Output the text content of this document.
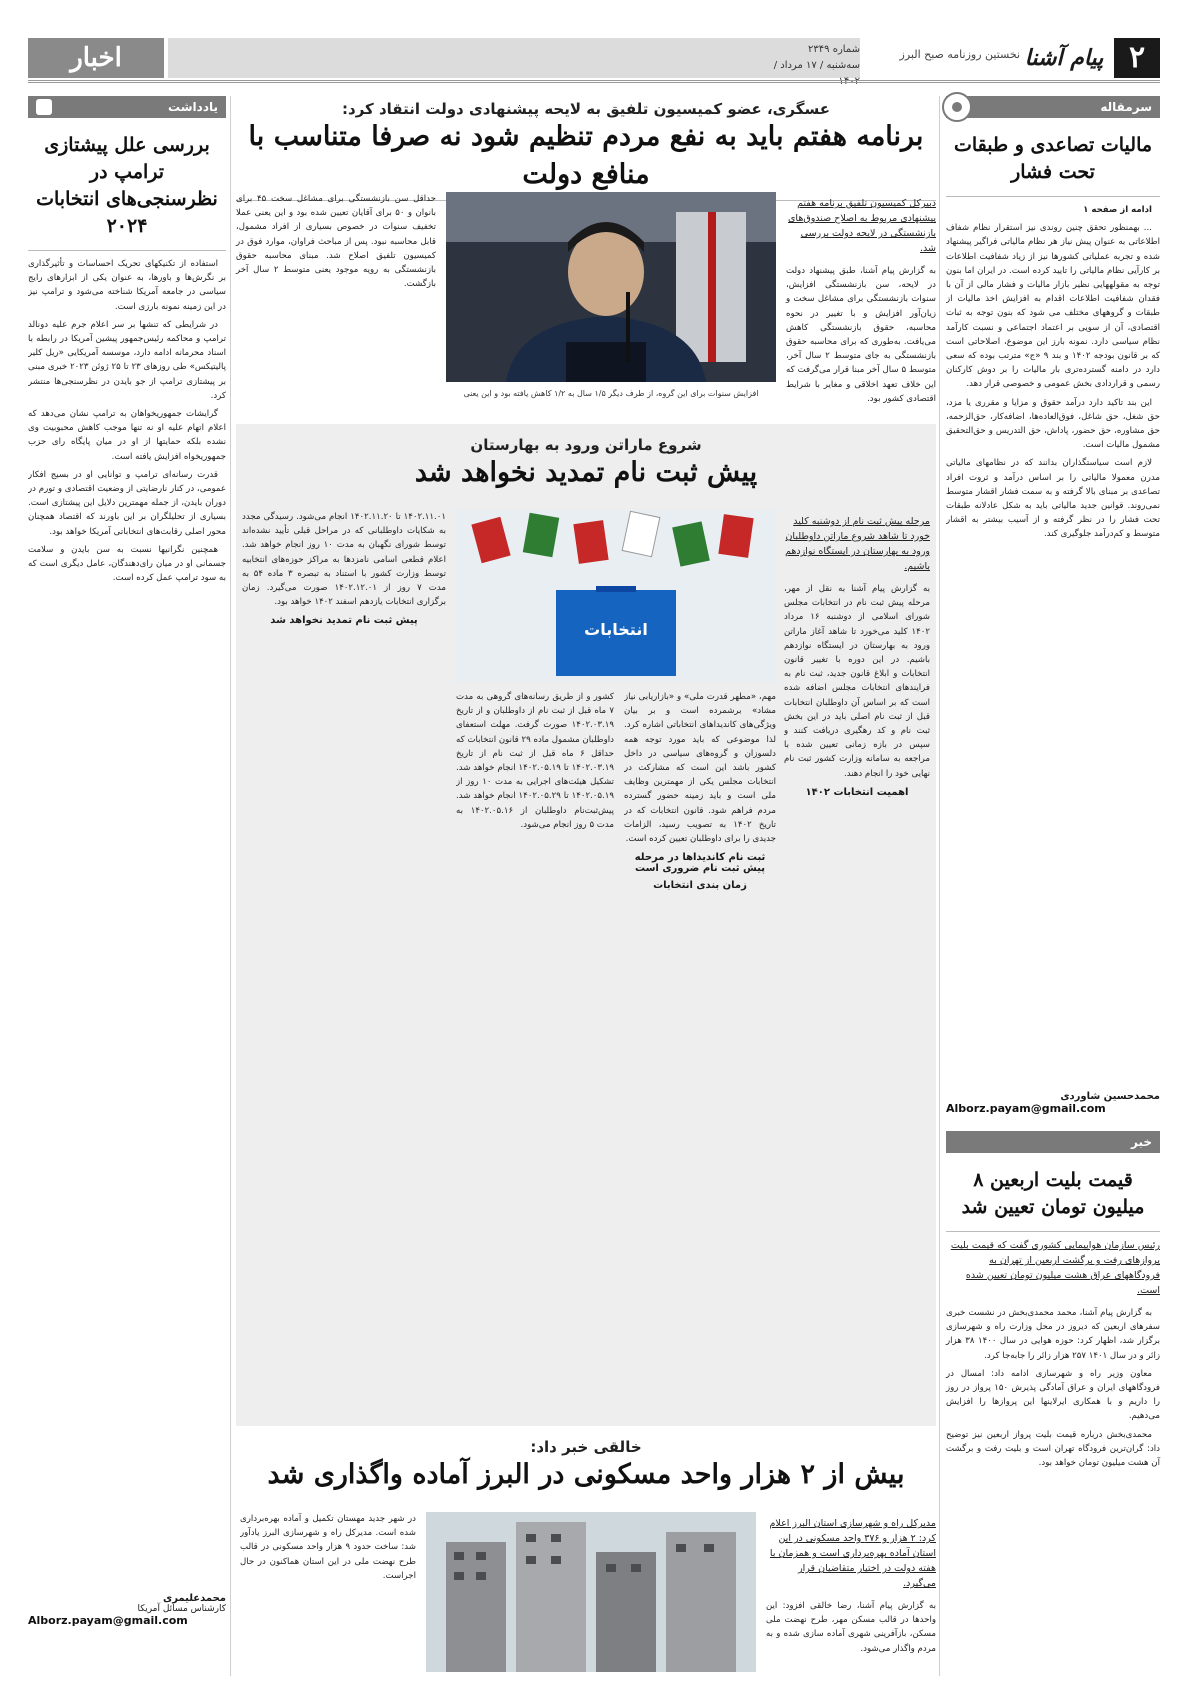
۲
پیام آشنا
نخستین روزنامه صبح البرز
شماره ۲۳۴۹
سه‌شنبه / ۱۷ مرداد / ۱۴۰۲
اخبار
سرمقاله
مالیات تصاعدی و طبقات تحت فشار

ادامه از صفحه ۱

... بهمنظور تحقق چنین روندی نیز استقرار نظام شفاف اطلاعاتی به عنوان پیش نیاز هر نظام مالیاتی فراگیر پیشنهاد شده و تجربه عملیاتی کشورها نیز از زیاد شفافیت اطلاعات بر کارآیی نظام مالیاتی را تایید کرده است. در ایران اما بنون توجه به مقولههایی نظیر بازار مالیات و فشار مالی از آن با فقدان شفافیت اطلاعات اقدام به افزایش اخذ مالیات از طبقات و گروههای مختلف می شود که بنون توجه به ثبات اقتصادی، آن از سویی بر اعتماد اجتماعی و نسبت کارآمد نظام سیاسی دارد. نمونه بارز این موضوع، اصلاحاتی است که بر قانون بودجه ۱۴۰۲ و بند ۹ «ج» مترتب بوده که سعی دارد در دامنه گسترده‌تری بار مالیات را بر دوش کارکنان رسمی و قراردادی بخش عمومی و خصوصی قرار دهد.

این بند تاکید دارد درآمد حقوق و مزایا و مقرری یا مزد، حق شغل، حق شاغل، فوق‌العاده‌ها، اضافه‌کار، حق‌الزحمه، حق مشاوره، حق حضور، پاداش، حق التدریس و حق‌التحقیق مشمول مالیات است.

لازم است سیاستگذاران بدانند که در نظامهای مالیاتی مدرن معمولا مالیاتی را بر اساس درآمد و ثروت افراد تصاعدی بر مبنای بالا گرفته و به سمت فشار اقشار متوسط نمی‌روند. قوانین جدید مالیاتی باید به شکل عادلانه طبقات تحت فشار را در نظر گرفته و از آسیب بیشتر به اقشار متوسط و کم‌درآمد جلوگیری کند.

محمدحسین شاوردی
Alborz.payam@gmail.com
خبر
قیمت بلیت اربعین ۸ میلیون تومان تعیین شد
رئیس سازمان هواپیمایی کشوری گفت که قیمت بلیت پروازهای رفت و برگشت اربعین از تهران به فرودگاههای عراق هشت میلیون تومان تعیین شده است.

به گزارش پیام آشنا، محمد محمدی‌بخش در نشست خبری سفرهای اربعین که دیروز در محل وزارت راه و شهرسازی برگزار شد، اظهار کرد: حوزه هوایی در سال ۱۴۰۰ ۳۸ هزار زائر و در سال ۱۴۰۱ ۲۵۷ هزار زائر را جابه‌جا کرد.

معاون وزیر راه و شهرسازی ادامه داد: امسال در فرودگاههای ایران و عراق آمادگی پذیرش ۱۵۰ پرواز در روز را داریم و با همکاری ایرلاینها این پروازها را افزایش می‌دهیم.

محمدی‌بخش درباره قیمت بلیت پرواز اربعین نیز توضیح داد: گران‌ترین فرودگاه تهران است و بلیت رفت و برگشت آن هشت میلیون تومان خواهد بود.

یادداشت
بررسی علل پیشتازی ترامپ در نظرسنجی‌های انتخابات ۲۰۲۴

استفاده از تکنیکهای تحریک احساسات و تأثیرگذاری بر نگرش‌ها و باورها، به‌ عنوان یکی از ابزارهای رایج سیاسی در جامعه آمریکا شناخته می‌شود و ترامپ نیز در این زمینه نمونه بارزی است.

در شرایطی که تنشها بر سر اعلام جرم علیه دونالد ترامپ و محاکمه رئیس‌جمهور پیشین آمریکا در رابطه با اسناد محرمانه ادامه دارد، موسسه آمریکایی «ریل کلیر پالیتیکس» طی روزهای ۲۳ تا ۲۵ ژوئن ۲۰۲۳ خبری مبنی بر پیشتازی ترامپ از جو بایدن در نظرسنجی‌ها منتشر کرد.

گرایشات جمهوریخواهان به ترامپ نشان می‌دهد که اعلام اتهام علیه او نه تنها موجب کاهش محبوبیت وی نشده بلکه حمایتها از او در میان پایگاه رای حزب جمهوریخواه افزایش یافته است.

قدرت رسانه‌ای ترامپ و توانایی او در بسیج افکار عمومی، در کنار نارضایتی از وضعیت اقتصادی و تورم در دوران بایدن، از جمله مهمترین دلایل این پیشتازی است. بسیاری از تحلیلگران بر این باورند که اقتصاد همچنان محور اصلی رقابت‌های انتخاباتی آمریکا خواهد بود.

همچنین نگرانیها نسبت به سن بایدن و سلامت جسمانی او در میان رای‌دهندگان، عامل دیگری است که به سود ترامپ عمل کرده است.

محمدعلیمری
کارشناس مسائل آمریکا
Alborz.payam@gmail.com
عسگری، عضو کمیسیون تلفیق به لایحه پیشنهادی دولت انتقاد کرد:
برنامه هفتم باید به نفع مردم تنظیم شود نه صرفا متناسب با منافع دولت
دبیرکل کمیسیون تلفیق برنامه هفتم پیشنهادی مربوط به اصلاح صندوق‌های بازنشستگی در لایحه دولت بررسی شد.
به گزارش پیام آشنا، طبق پیشنهاد دولت در لایحه، سن بازنشستگی افزایش، سنوات بازنشستگی برای مشاغل سخت و زیان‌آور افزایش و با تغییر در نحوه محاسبه، حقوق بازنشستگی کاهش می‌یافت. به‌طوری که برای محاسبه حقوق بازنشستگی به جای متوسط ۲ سال آخر، متوسط ۵ سال آخر مبنا قرار می‌گرفت که این خلاف تعهد اخلاقی و مغایر با شرایط اقتصادی کشور بود.
افزایش سنوات برای این گروه، از طرف دیگر ۱/۵ سال به ۱/۲ کاهش یافته بود و این یعنی
حداقل سن بازنشستگی برای مشاغل سخت ۴۵ برای بانوان و ۵۰ برای آقایان تعیین شده بود و این یعنی عملا تخفیف سنوات در خصوص بسیاری از افراد مشمول، قابل محاسبه نبود. پس از مباحث فراوان، موارد فوق در کمیسیون تلفیق اصلاح شد. مبنای محاسبه حقوق بازنشستگی به رویه موجود یعنی متوسط ۲ سال آخر بازگشت.
شروع ماراتن ورود به بهارستان
پیش ثبت نام تمدید نخواهد شد
انتخابات
مرحله پیش ثبت نام از دوشنبه کلید خورد تا شاهد شروع ماراتن داوطلبان ورود به بهارستان در ایستگاه نوازدهم باشیم.
به گزارش پیام آشنا به نقل از مهر، مرحله پیش ثبت نام در انتخابات مجلس شورای اسلامی از دوشنبه ۱۶ مرداد ۱۴۰۲ کلید می‌خورد تا شاهد آغاز ماراتن ورود به بهارستان در ایستگاه نوازدهم باشیم. در این دوره با تغییر قانون انتخابات و ابلاغ قانون جدید، ثبت نام به فرایندهای انتخابات مجلس اضافه شده است که بر اساس آن داوطلبان انتخابات قبل از ثبت نام اصلی باید در این بخش ثبت نام و کد رهگیری دریافت کنند و سپس در بازه زمانی تعیین شده با مراجعه به سامانه وزارت کشور ثبت نام نهایی خود را انجام دهند.
اهمیت انتخابات ۱۴۰۲
مهم، «مطهر قدرت ملی» و «بازاریابی نیاز مشاد» برشمرده است و بر بیان ویژگی‌های کاندیداهای انتخاباتی اشاره کرد. لذا موضوعی که باید مورد توجه همه دلسوزان و گروه‌های سیاسی در داخل کشور باشد این است که مشارکت در انتخابات مجلس یکی از مهمترین وظایف ملی است و باید زمینه حضور گسترده مردم فراهم شود. قانون انتخابات که در تاریخ ۱۴۰۲ به تصویب رسید، الزامات جدیدی را برای داوطلبان تعیین کرده است.
ثبت نام کاندیداها در مرحله پیش ثبت نام ضروری است
زمان بندی انتخابات
کشور و از طریق رسانه‌های گروهی به مدت ۷ ماه قبل از ثبت نام از داوطلبان و از تاریخ ۱۴۰۲.۰۳.۱۹ صورت گرفت. مهلت استعفای داوطلبان مشمول ماده ۲۹ قانون انتخابات که حداقل ۶ ماه قبل از ثبت نام از تاریخ ۱۴۰۲.۰۳.۱۹ تا ۱۴۰۲.۰۵.۱۹ انجام خواهد شد. تشکیل هیئت‌های اجرایی به مدت ۱۰ روز از ۱۴۰۲.۰۵.۱۹ تا ۱۴۰۲.۰۵.۲۹ انجام خواهد شد. پیش‌ثبت‌نام داوطلبان از ۱۴۰۲.۰۵.۱۶ به مدت ۵ روز انجام می‌شود.
۱۴۰۲.۱۱.۰۱ تا ۱۴۰۲.۱۱.۲۰ انجام می‌شود. رسیدگی مجدد به شکایات داوطلبانی که در مراحل قبلی تأیید نشده‌اند توسط شورای نگهبان به مدت ۱۰ روز انجام خواهد شد. اعلام قطعی اسامی نامزدها به مراکز حوزه‌های انتخابیه توسط وزارت کشور با استناد به تبصره ۳ ماده ۵۴ به مدت ۷ روز از ۱۴۰۲.۱۲.۰۱ صورت می‌گیرد. زمان برگزاری انتخابات یازدهم اسفند ۱۴۰۲ خواهد بود.
پیش ثبت نام تمدید نخواهد شد
خالقی خبر داد:
بیش از ۲ هزار واحد مسکونی در البرز آماده واگذاری شد
مدیرکل راه و شهرسازی استان البرز اعلام کرد: ۲ هزار و ۳۷۶ واحد مسکونی در این استان آماده بهره‌برداری است و همزمان با هفته دولت در اختیار متقاضیان قرار می‌گیرد.
به گزارش پیام آشنا، رضا خالقی افزود: این واحدها در قالب مسکن مهر، طرح نهضت ملی مسکن، بازآفرینی شهری آماده سازی شده و به مردم واگذار می‌شود.
در شهر جدید مهستان تکمیل و آماده بهره‌برداری شده است. مدیرکل راه و شهرسازی البرز یادآور شد: ساخت حدود ۹ هزار واحد مسکونی در قالب طرح نهضت ملی در این استان هماکنون در حال اجراست.
